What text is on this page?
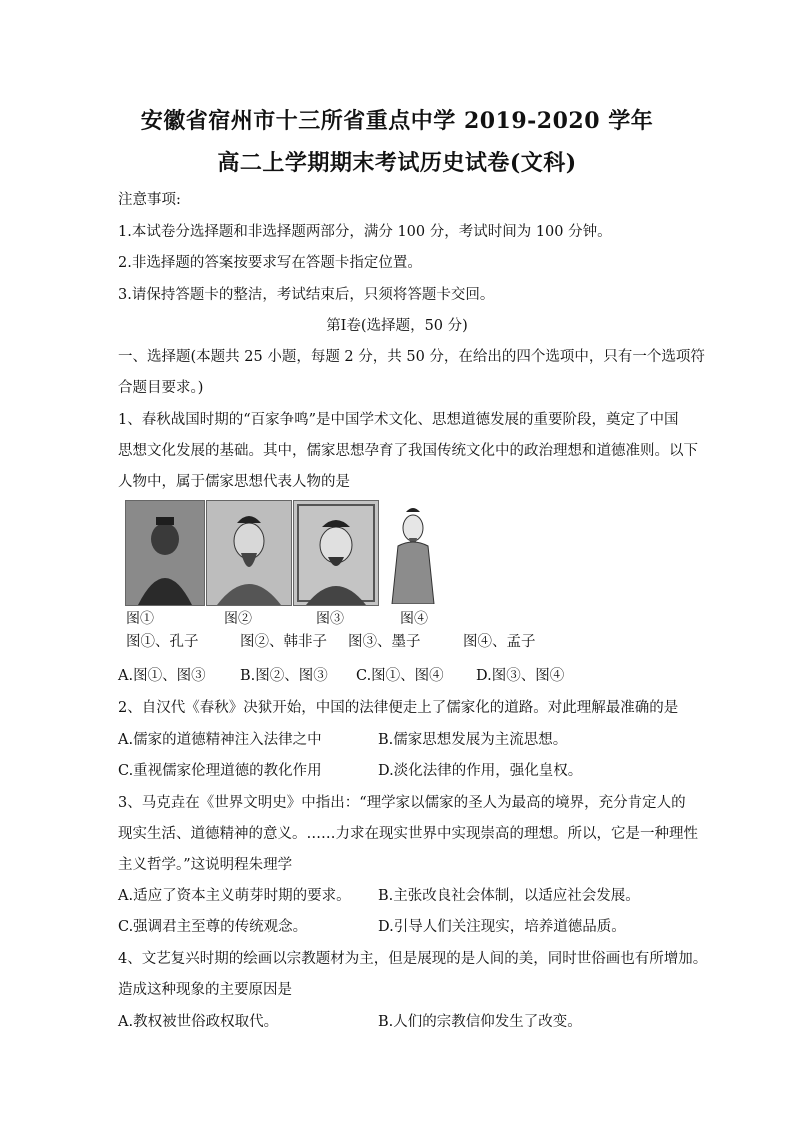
安徽省宿州市十三所省重点中学 2019-2020 学年
高二上学期期末考试历史试卷(文科)
注意事项:
1.本试卷分选择题和非选择题两部分，满分 100 分，考试时间为 100 分钟。
2.非选择题的答案按要求写在答题卡指定位置。
3.请保持答题卡的整洁，考试结束后，只须将答题卡交回。
第Ⅰ卷(选择题，50 分)
一、选择题(本题共 25 小题，每题 2 分，共 50 分，在给出的四个选项中，只有一个选项符
合题目要求。)
1、春秋战国时期的“百家争鸣”是中国学术文化、思想道德发展的重要阶段，奠定了中国
思想文化发展的基础。其中，儒家思想孕育了我国传统文化中的政治理想和道德准则。以下
人物中，属于儒家思想代表人物的是
图①	图②	图③	图④
图①、孔子	图②、韩非子 图③、墨子	图④、孟子
A.图①、图③ B.图②、图③ C.图①、图④ D.图③、图④
2、自汉代《春秋》决狱开始，中国的法律便走上了儒家化的道路。对此理解最准确的是
A.儒家的道德精神注入法律之中	B.儒家思想发展为主流思想。
C.重视儒家伦理道德的教化作用	D.淡化法律的作用，强化皇权。
3、马克垚在《世界文明史》中指出：“理学家以儒家的圣人为最高的境界，充分肯定人的
现实生活、道德精神的意义。……力求在现实世界中实现崇高的理想。所以，它是一种理性
主义哲学。”这说明程朱理学
A.适应了资本主义萌芽时期的要求。 B.主张改良社会体制，以适应社会发展。
C.强调君主至尊的传统观念。	D.引导人们关注现实，培养道德品质。
4、文艺复兴时期的绘画以宗教题材为主，但是展现的是人间的美，同时世俗画也有所增加。
造成这种现象的主要原因是
A.教权被世俗政权取代。	B.人们的宗教信仰发生了改变。
